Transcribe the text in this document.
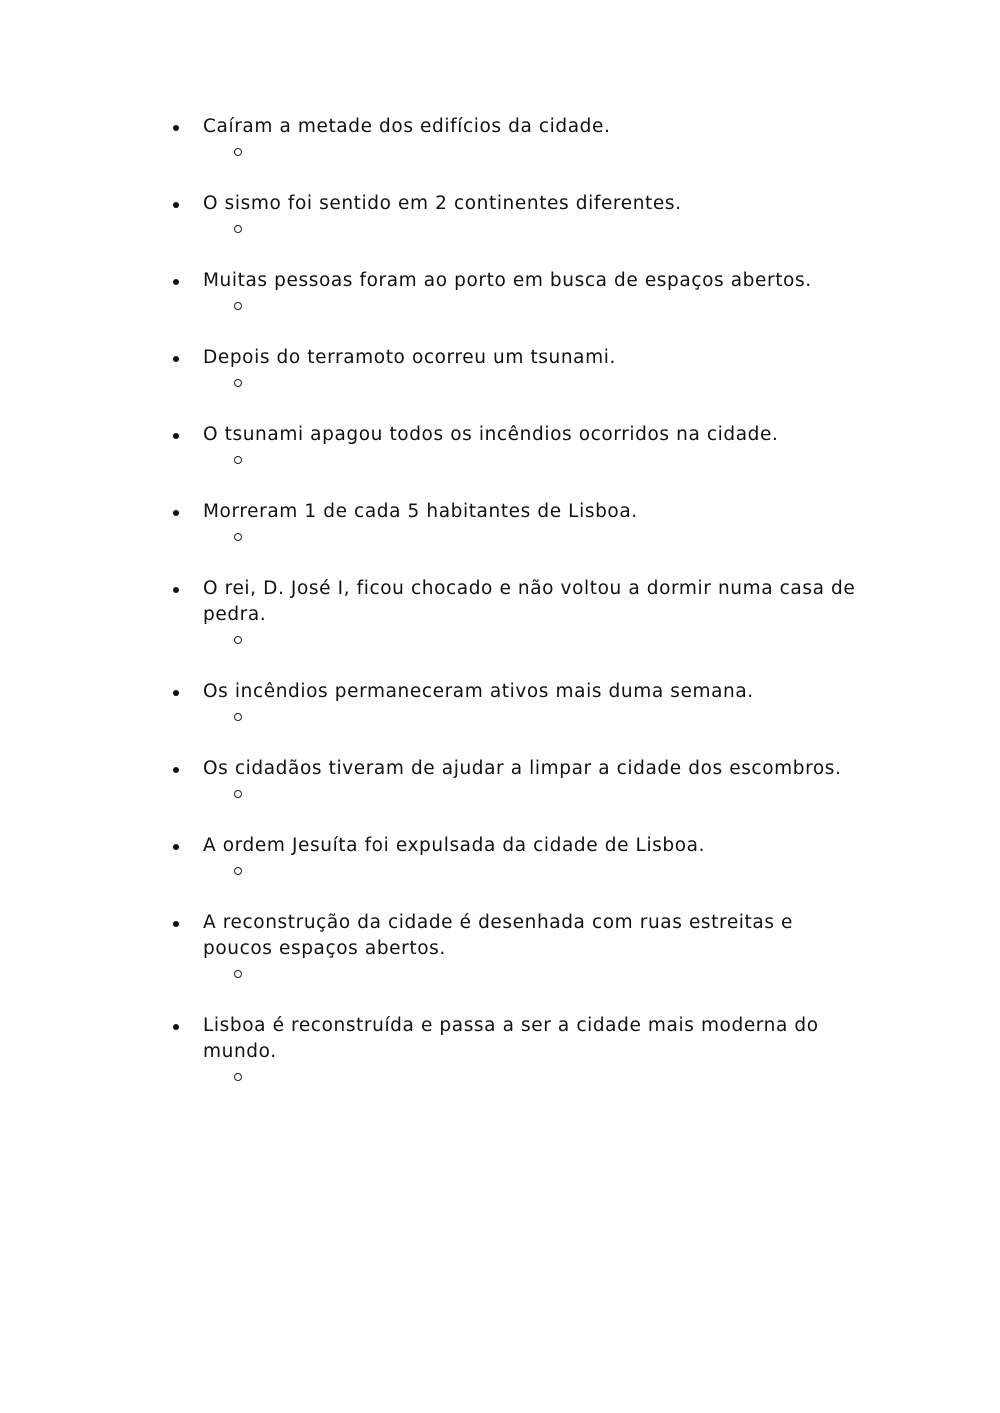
Caíram a metade dos edifícios da cidade.
O sismo foi sentido em 2 continentes diferentes.
Muitas pessoas foram ao porto em busca de espaços abertos.
Depois do terramoto ocorreu um tsunami.
O tsunami apagou todos os incêndios ocorridos na cidade.
Morreram 1 de cada 5 habitantes de Lisboa.
O rei, D. José I, ficou chocado e não voltou a dormir numa casa de pedra.
Os incêndios permaneceram ativos mais duma semana.
Os cidadãos tiveram de ajudar a limpar a cidade dos escombros.
A ordem Jesuíta foi expulsada da cidade de Lisboa.
A reconstrução da cidade é desenhada com ruas estreitas e poucos espaços abertos.
Lisboa é reconstruída e passa a ser a cidade mais moderna do mundo.
